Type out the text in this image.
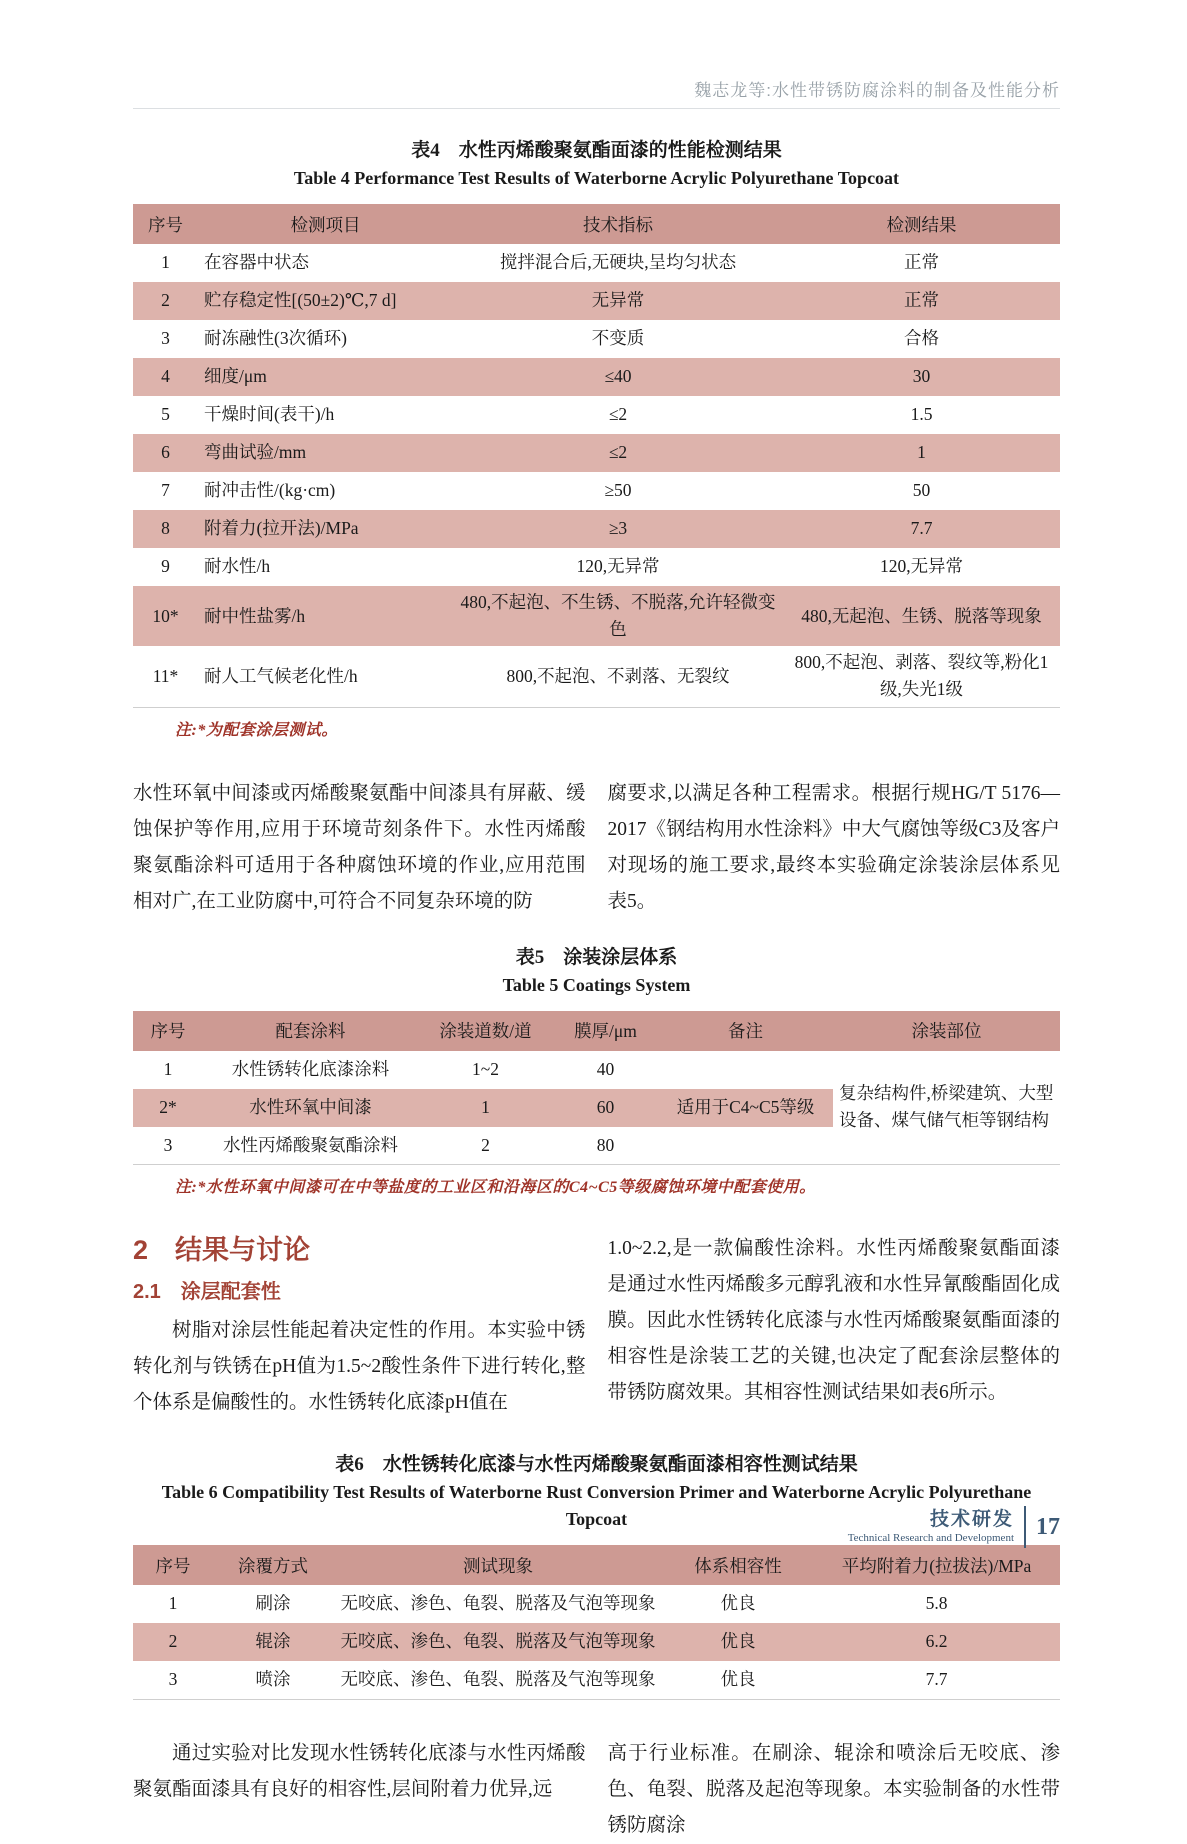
魏志龙等:水性带锈防腐涂料的制备及性能分析
表4　水性丙烯酸聚氨酯面漆的性能检测结果
Table 4 Performance Test Results of Waterborne Acrylic Polyurethane Topcoat
序号	检测项目	技术指标	检测结果
1	在容器中状态	搅拌混合后,无硬块,呈均匀状态	正常
2	贮存稳定性[(50±2)℃,7 d]	无异常	正常
3	耐冻融性(3次循环)	不变质	合格
4	细度/μm	≤40	30
5	干燥时间(表干)/h	≤2	1.5
6	弯曲试验/mm	≤2	1
7	耐冲击性/(kg·cm)	≥50	50
8	附着力(拉开法)/MPa	≥3	7.7
9	耐水性/h	120,无异常	120,无异常
10*	耐中性盐雾/h	480,不起泡、不生锈、不脱落,允许轻微变色	480,无起泡、生锈、脱落等现象
11*	耐人工气候老化性/h	800,不起泡、不剥落、无裂纹	800,不起泡、剥落、裂纹等,粉化1级,失光1级
注:*为配套涂层测试。
水性环氧中间漆或丙烯酸聚氨酯中间漆具有屏蔽、缓蚀保护等作用,应用于环境苛刻条件下。水性丙烯酸聚氨酯涂料可适用于各种腐蚀环境的作业,应用范围相对广,在工业防腐中,可符合不同复杂环境的防
腐要求,以满足各种工程需求。根据行规HG/T 5176—2017《钢结构用水性涂料》中大气腐蚀等级C3及客户对现场的施工要求,最终本实验确定涂装涂层体系见表5。
表5　涂装涂层体系
Table 5 Coatings System
序号	配套涂料	涂装道数/道	膜厚/μm	备注	涂装部位
1	水性锈转化底漆涂料	1~2	40		复杂结构件,桥梁建筑、大型设备、煤气储气柜等钢结构
2*	水性环氧中间漆	1	60	适用于C4~C5等级	
3	水性丙烯酸聚氨酯涂料	2	80		
注:*水性环氧中间漆可在中等盐度的工业区和沿海区的C4~C5等级腐蚀环境中配套使用。
2　结果与讨论
2.1　涂层配套性
树脂对涂层性能起着决定性的作用。本实验中锈转化剂与铁锈在pH值为1.5~2酸性条件下进行转化,整个体系是偏酸性的。水性锈转化底漆pH值在
1.0~2.2,是一款偏酸性涂料。水性丙烯酸聚氨酯面漆是通过水性丙烯酸多元醇乳液和水性异氰酸酯固化成膜。因此水性锈转化底漆与水性丙烯酸聚氨酯面漆的相容性是涂装工艺的关键,也决定了配套涂层整体的带锈防腐效果。其相容性测试结果如表6所示。
表6　水性锈转化底漆与水性丙烯酸聚氨酯面漆相容性测试结果
Table 6 Compatibility Test Results of Waterborne Rust Conversion Primer and Waterborne Acrylic Polyurethane
Topcoat
序号	涂覆方式	测试现象	体系相容性	平均附着力(拉拔法)/MPa
1	刷涂	无咬底、渗色、龟裂、脱落及气泡等现象	优良	5.8
2	辊涂	无咬底、渗色、龟裂、脱落及气泡等现象	优良	6.2
3	喷涂	无咬底、渗色、龟裂、脱落及气泡等现象	优良	7.7
通过实验对比发现水性锈转化底漆与水性丙烯酸聚氨酯面漆具有良好的相容性,层间附着力优异,远
高于行业标准。在刷涂、辊涂和喷涂后无咬底、渗色、龟裂、脱落及起泡等现象。本实验制备的水性带锈防腐涂
技术研发
Technical Research and Development 17
